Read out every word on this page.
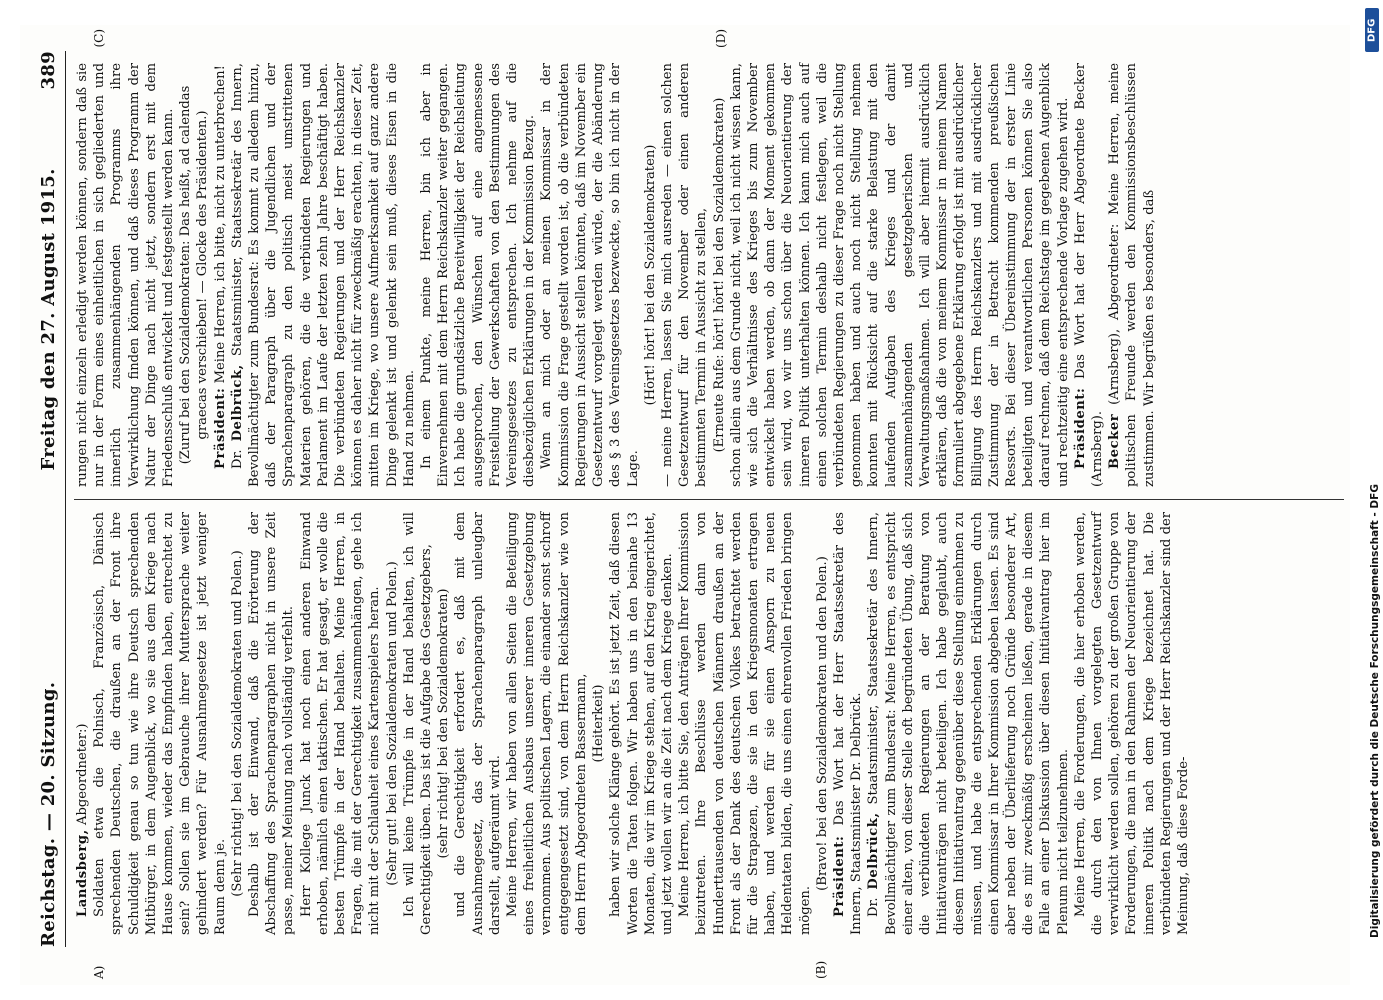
Reichstag. — 20. Sitzung.
Freitag den 27. August 1915.            389
A)	(B)
(C)	(D)

Landsberg, Abgeordneter:) Soldaten etwa die Polnisch, Französisch, Dänisch sprechenden Deutschen, die draußen an der Front ihre Schuldigkeit genau so tun wie ihre Deutsch sprechenden Mitbürger, in dem Augenblick, wo sie aus dem Kriege nach Hause kommen, wieder das Empfinden haben, entrechtet zu sein? Sollen sie im Gebrauche ihrer Muttersprache weiter gehindert werden? Für Ausnahmegesetze ist jetzt weniger Raum denn je. (Sehr richtig! bei den Sozialdemokraten und Polen.) Deshalb ist der Einwand, daß die Erörterung der Abschaffung des Sprachenparagraphen nicht in unsere Zeit passe, meiner Meinung nach vollständig verfehlt. Herr Kollege Junck hat noch einen anderen Einwand erhoben, nämlich einen taktischen. Er hat gesagt, er wolle die besten Trümpfe in der Hand behalten. Meine Herren, in Fragen, die mit der Gerechtigkeit zusammenhängen, gehe ich nicht mit der Schlauheit eines Kartenspielers heran. (Sehr gut! bei den Sozialdemokraten und Polen.) Ich will keine Trümpfe in der Hand behalten, ich will Gerechtigkeit üben. Das ist die Aufgabe des Gesetzgebers, (sehr richtig! bei den Sozialdemokraten) und die Gerechtigkeit erfordert es, daß mit dem Ausnahmegesetz, das der Sprachenparagraph unleugbar darstellt, aufgeräumt wird. Meine Herren, wir haben von allen Seiten die Beteiligung eines freiheitlichen Ausbaus unserer inneren Gesetzgebung vernommen. Aus politischen Lagern, die einander sonst schroff entgegengesetzt sind, von dem Herrn Reichskanzler wie von dem Herrn Abgeordneten Bassermann, (Heiterkeit) haben wir solche Klänge gehört. Es ist jetzt Zeit, daß diesen Worten die Taten folgen. Wir haben uns in den beinahe 13 Monaten, die wir im Kriege stehen, auf den Krieg eingerichtet, und jetzt wollen wir an die Zeit nach dem Kriege denken. Meine Herren, ich bitte Sie, den Anträgen Ihrer Kommission beizutreten. Ihre Beschlüsse werden dann von Hunderttausenden von deutschen Männern draußen an der Front als der Dank des deutschen Volkes betrachtet werden für die Strapazen, die sie in den Kriegsmonaten ertragen haben, und werden für sie einen Ansporn zu neuen Heldentaten bilden, die uns einen ehrenvollen Frieden bringen mögen.

(Bravo! bei den Sozialdemokraten und den Polen.) Präsident: Das Wort hat der Herr Staatssekretär des Innern, Staatsminister Dr. Delbrück. Dr. Delbrück, Staatsminister, Staatssekretär des Innern, Bevollmächtigter zum Bundesrat: Meine Herren, es entspricht einer alten, von dieser Stelle oft begründeten Übung, daß sich die verbündeten Regierungen an der Beratung von Initiativanträgen nicht beteiligen. Ich habe geglaubt, auch diesem Initiativantrag gegenüber diese Stellung einnehmen zu müssen, und habe die entsprechenden Erklärungen durch einen Kommissar in Ihrer Kommission abgeben lassen. Es sind aber neben der Überlieferung noch Gründe besonderer Art, die es mir zweckmäßig erscheinen ließen, gerade in diesem Falle an einer Diskussion über diesen Initiativantrag hier im Plenum nicht teilzunehmen. Meine Herren, die Forderungen, die hier erhoben werden, die durch den von Ihnen vorgelegten Gesetzentwurf verwirklicht werden sollen, gehören zu der großen Gruppe von Forderungen, die man in den Rahmen der Neuorientierung der inneren Politik nach dem Kriege bezeichnet hat. Die verbündeten Regierungen und der Herr Reichskanzler sind der Meinung, daß diese Forde-

rungen nicht einzeln erledigt werden können, sondern daß sie nur in der Form eines einheitlichen in sich gegliederten und innerlich zusammenhängenden Programms ihre Verwirklichung finden können, und daß dieses Programm der Natur der Dinge nach nicht jetzt, sondern erst mit dem Friedensschluß entwickelt und festgestellt werden kann. (Zuruf bei den Sozialdemokraten: Das heißt, ad calendas graecas verschieben! — Glocke des Präsidenten.) Präsident: Meine Herren, ich bitte, nicht zu unterbrechen!

Dr. Delbrück, Staatsminister, Staatssekretär des Innern, Bevollmächtigter zum Bundesrat: Es kommt zu alledem hinzu, daß der Paragraph über die Jugendlichen und der Sprachenparagraph zu den politisch meist umstrittenen Materien gehören, die die verbündeten Regierungen und Parlament im Laufe der letzten zehn Jahre beschäftigt haben. Die verbündeten Regierungen und der Herr Reichskanzler können es daher nicht für zweckmäßig erachten, in dieser Zeit, mitten im Kriege, wo unsere Aufmerksamkeit auf ganz andere Dinge gelenkt ist und gelenkt sein muß, dieses Eisen in die Hand zu nehmen. In einem Punkte, meine Herren, bin ich aber in Einvernehmen mit dem Herrn Reichskanzler weiter gegangen. Ich habe die grundsätzliche Bereitwilligkeit der Reichsleitung ausgesprochen, den Wünschen auf eine angemessene Freistellung der Gewerkschaften von den Bestimmungen des Vereinsgesetzes zu entsprechen. Ich nehme auf die diesbezüglichen Erklärungen in der Kommission Bezug. Wenn an mich oder an meinen Kommissar in der Kommission die Frage gestellt worden ist, ob die verbündeten Regierungen in Aussicht stellen könnten, daß im November ein Gesetzentwurf vorgelegt werden würde, der die Abänderung des § 3 des Vereinsgesetzes bezweckte, so bin ich nicht in der Lage.

(Hört! hört! bei den Sozialdemokraten) — meine Herren, lassen Sie mich ausreden — einen solchen Gesetzentwurf für den November oder einen anderen bestimmten Termin in Aussicht zu stellen, (Erneute Rufe: hört! hört! bei den Sozialdemokraten) schon allein aus dem Grunde nicht, weil ich nicht wissen kann, wie sich die Verhältnisse des Krieges bis zum November entwickelt haben werden, ob dann der Moment gekommen sein wird, wo wir uns schon über die Neuorientierung der inneren Politik unterhalten können. Ich kann mich auch auf einen solchen Termin deshalb nicht festlegen, weil die verbündeten Regierungen zu dieser Frage noch nicht Stellung genommen haben und auch noch nicht Stellung nehmen konnten mit Rücksicht auf die starke Belastung mit den laufenden Aufgaben des Krieges und der damit zusammenhängenden gesetzgeberischen und Verwaltungsmaßnahmen. Ich will aber hiermit ausdrücklich erklären, daß die von meinem Kommissar in meinem Namen formuliert abgegebene Erklärung erfolgt ist mit ausdrücklicher Billigung des Herrn Reichskanzlers und mit ausdrücklicher Zustimmung der in Betracht kommenden preußischen Ressorts. Bei dieser Übereinstimmung der in erster Linie beteiligten und verantwortlichen Personen können Sie also darauf rechnen, daß dem Reichstage im gegebenen Augenblick und rechtzeitig eine entsprechende Vorlage zugehen wird. Präsident: Das Wort hat der Herr Abgeordnete Becker (Arnsberg). Becker (Arnsberg), Abgeordneter: Meine Herren, meine politischen Freunde werden den Kommissionsbeschlüssen zustimmen. Wir begrüßen es besonders, daß

DFG
Digitalisierung gefördert durch die Deutsche Forschungsgemeinschaft - DFG
